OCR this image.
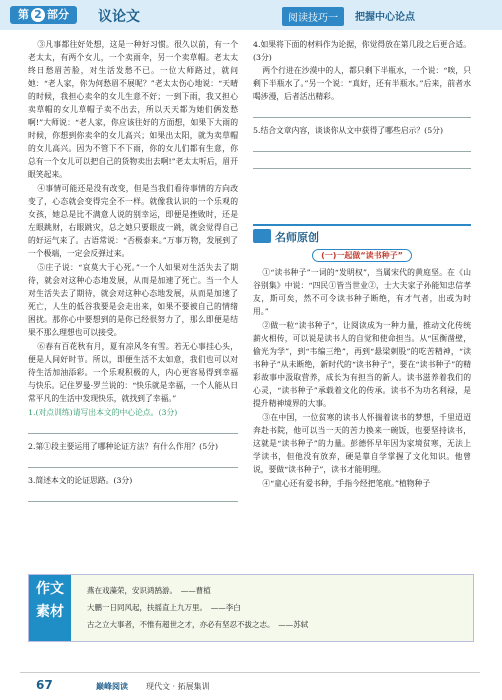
第 2 部分	议论文	阅读技巧一	把握中心论点

③凡事都往好处想，这是一种好习惯。很久以前，有一个老太太，有两个女儿，一个卖雨伞，另一个卖草帽。老太太终日愁眉苦脸，对生活发愁不已。一位大师路过，就问她：“老人家，你为何愁眉不展呢？”老太太伤心地说：“天晴的时候，我担心卖伞的女儿生意不好；一到下雨，我又担心卖草帽的女儿草帽子卖不出去，所以天天都为她们俩发愁啊!”大师说：“老人家，你应该往好的方面想，如果下大雨的时候，你想到你卖伞的女儿高兴；如果出太阳，就为卖草帽的女儿高兴。因为不管下不下雨，你的女儿们都有生意，你总有一个女儿可以把自己的货物卖出去啊!”老太太听后，眉开眼笑起来。

④事情可能还是没有改变，但是当我们看待事情的方向改变了，心态就会变得完全不一样。就像我认识的一个乐观的女孩，她总是比不满意人说的别幸运，即便是挫败时，还是左眼跳财，右眼跳灾，总之她只要眼皮一跳，就会觉得自己的好运气来了。古语常说：“否极泰来。”万事万物，发展到了一个极端，一定会反弹过来。

⑤庄子说：“哀莫大于心死。”一个人如果对生活失去了期待，就会对这种心态地发展，从而是加速了死亡。当一个人对生活失去了期待，就会对这种心态地发展，从而是加速了死亡，人生的低谷我要是会走出来，如果不要被自己的情绪困扰。那你心中要想到的是你已经很努力了，那么即便是结果不那么理想也可以接受。

⑥春有百花秋有月，夏有凉风冬有雪。若无心事挂心头，便是人间好时节。所以，即便生活不太如意，我们也可以对待生活加油添彩。一个乐观积极的人，内心更容易得到幸福与快乐。记住罗曼·罗兰说的：“快乐就是幸福，一个人能从日常平凡的生活中发现快乐，就找到了幸福。”

1.(对点训练)请写出本文的中心论点。(3分)

2.第①段主要运用了哪种论证方法？有什么作用？(5分)

3.简述本文的论证思路。(3分)

4.如果将下面的材料作为论据，你觉得放在第几段之后更合适。(3分)

两个行进在沙漠中的人，都只剩下半瓶水，一个说：“唉，只剩下半瓶水了。”另一个说：“真好，还有半瓶水。”后来，前者水喝涉漫，后者活出精彩。

5.结合文章内容，谈谈你从文中获得了哪些启示？(5分)

名师原创
(一)一起做“读书种子”

①“读书种子”一词的“发明权”，当属宋代的黄庭坚。在《山谷别集》中说：“四民①皆当世业②，士大夫家子孙能知忠信孝友，斯可矣，然不可令读书种子断绝，有才气者，出或为时用。”

②做一粒“读书种子”，让阅读成为一种力量，推动文化传统薪火相传，可以说是读书人的自觉和使命担当。从“匡衡凿壁，偷光为学”，到“韦编三绝”，再到“悬梁刺股”的吃苦精神，“读书种子”从未断绝，新时代的“读书种子”，要在“读书种子”的精彩故事中汲取营养，成长为有担当的新人。读书滋养着我们的心灵，“读书种子”承载着文化的传承。读书不为功名利禄，是提升精神境界的大事。

③在中国，一位贫寒的读书人怀揣着读书的梦想，千里迢迢奔赴书院，他可以当一天的苦力换来一碗饭，也要坚持读书，这就是“读书种子”的力量。彭德怀早年因为家境贫寒，无法上学读书，但他没有放弃，硬是靠自学掌握了文化知识。他曾说，要做“读书种子”，读书才能明理。

④“童心还有爱书种，手指今经把笔痕。”植物种子

作文
素材
燕在戏藻荣，安识鸿鹄游。　——曹植
大鹏一日同风起，扶摇直上九万里。　——李白
古之立大事者，不惟有超世之才，亦必有坚忍不拔之志。　——苏轼
67	巅峰阅读 现代文 · 拓展集训
